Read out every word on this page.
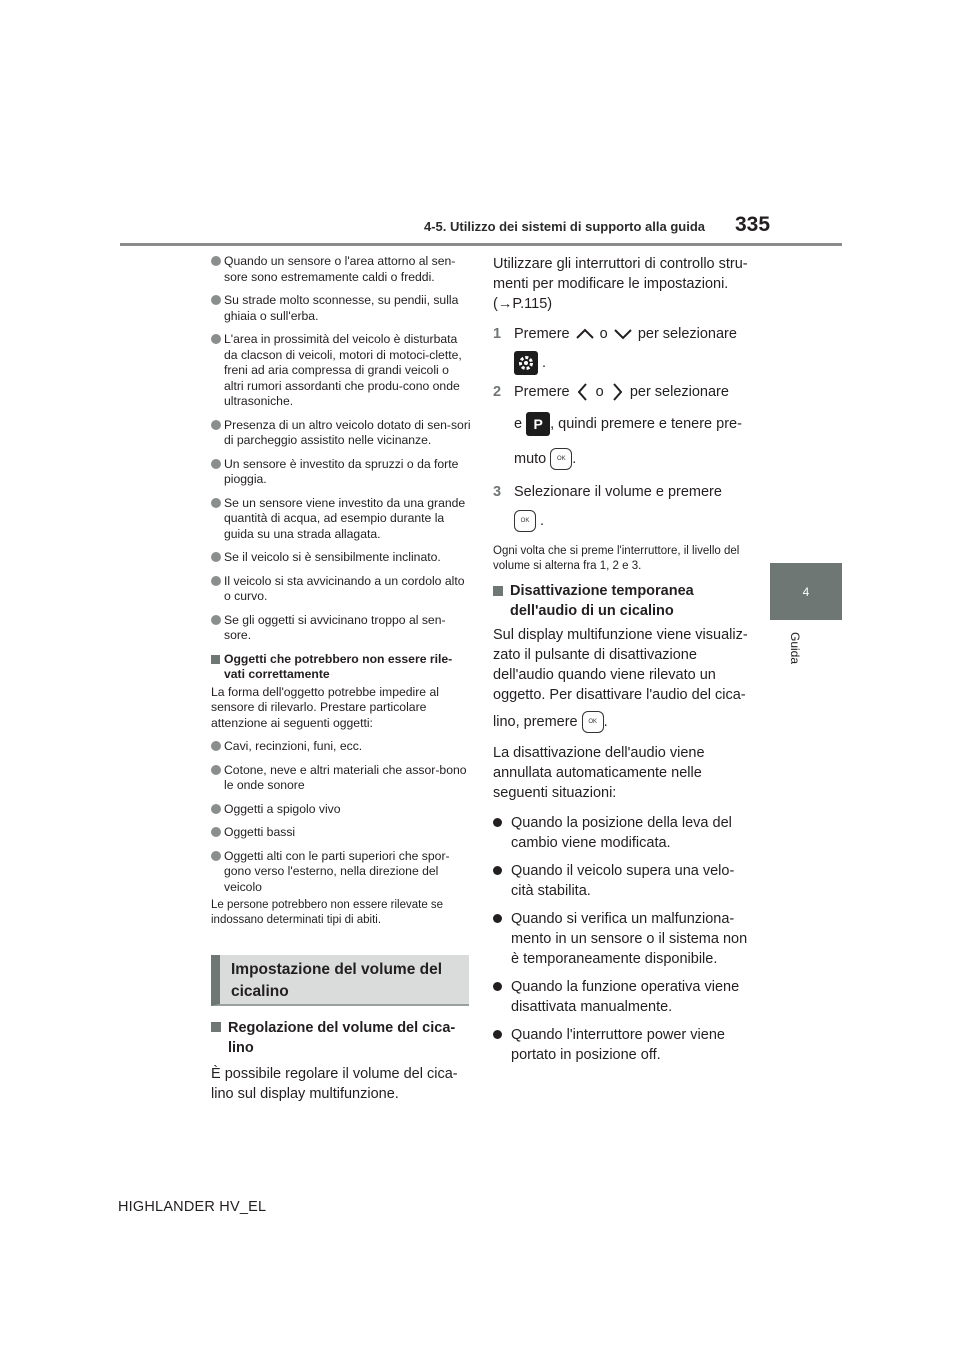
4-5. Utilizzo dei sistemi di supporto alla guida	335
4
Guida
Quando un sensore o l'area attorno al sen-sore sono estremamente caldi o freddi.
Su strade molto sconnesse, su pendii, sulla ghiaia o sull'erba.
L'area in prossimità del veicolo è disturbata da clacson di veicoli, motori di motoci-clette, freni ad aria compressa di grandi veicoli o altri rumori assordanti che produ-cono onde ultrasoniche.
Presenza di un altro veicolo dotato di sen-sori di parcheggio assistito nelle vicinanze.
Un sensore è investito da spruzzi o da forte pioggia.
Se un sensore viene investito da una grande quantità di acqua, ad esempio durante la guida su una strada allagata.
Se il veicolo si è sensibilmente inclinato.
Il veicolo si sta avvicinando a un cordolo alto o curvo.
Se gli oggetti si avvicinano troppo al sen-sore.
Oggetti che potrebbero non essere rile-vati correttamente
La forma dell'oggetto potrebbe impedire al sensore di rilevarlo. Prestare particolare attenzione ai seguenti oggetti:
Cavi, recinzioni, funi, ecc.
Cotone, neve e altri materiali che assor-bono le onde sonore
Oggetti a spigolo vivo
Oggetti bassi
Oggetti alti con le parti superiori che spor-gono verso l'esterno, nella direzione del veicolo
Le persone potrebbero non essere rilevate se indossano determinati tipi di abiti.
Impostazione del volume del cicalino
Regolazione del volume del cica-lino
È possibile regolare il volume del cica-lino sul display multifunzione.
Utilizzare gli interruttori di controllo stru-menti per modificare le impostazioni.
(→P.115)
1 Premere o per selezionare
.
2 Premere o per selezionare
e P , quindi premere e tenere pre-
muto OK .
3 Selezionare il volume e premere
OK .
Ogni volta che si preme l'interruttore, il livello del volume si alterna fra 1, 2 e 3.
Disattivazione temporanea dell'audio di un cicalino
Sul display multifunzione viene visualiz-zato il pulsante di disattivazione dell'audio quando viene rilevato un oggetto. Per disattivare l'audio del cica-
lino, premere OK .
La disattivazione dell'audio viene annullata automaticamente nelle seguenti situazioni:
Quando la posizione della leva del cambio viene modificata.
Quando il veicolo supera una velo-cità stabilita.
Quando si verifica un malfunziona-mento in un sensore o il sistema non è temporaneamente disponibile.
Quando la funzione operativa viene disattivata manualmente.
Quando l'interruttore power viene portato in posizione off.
HIGHLANDER HV_EL
